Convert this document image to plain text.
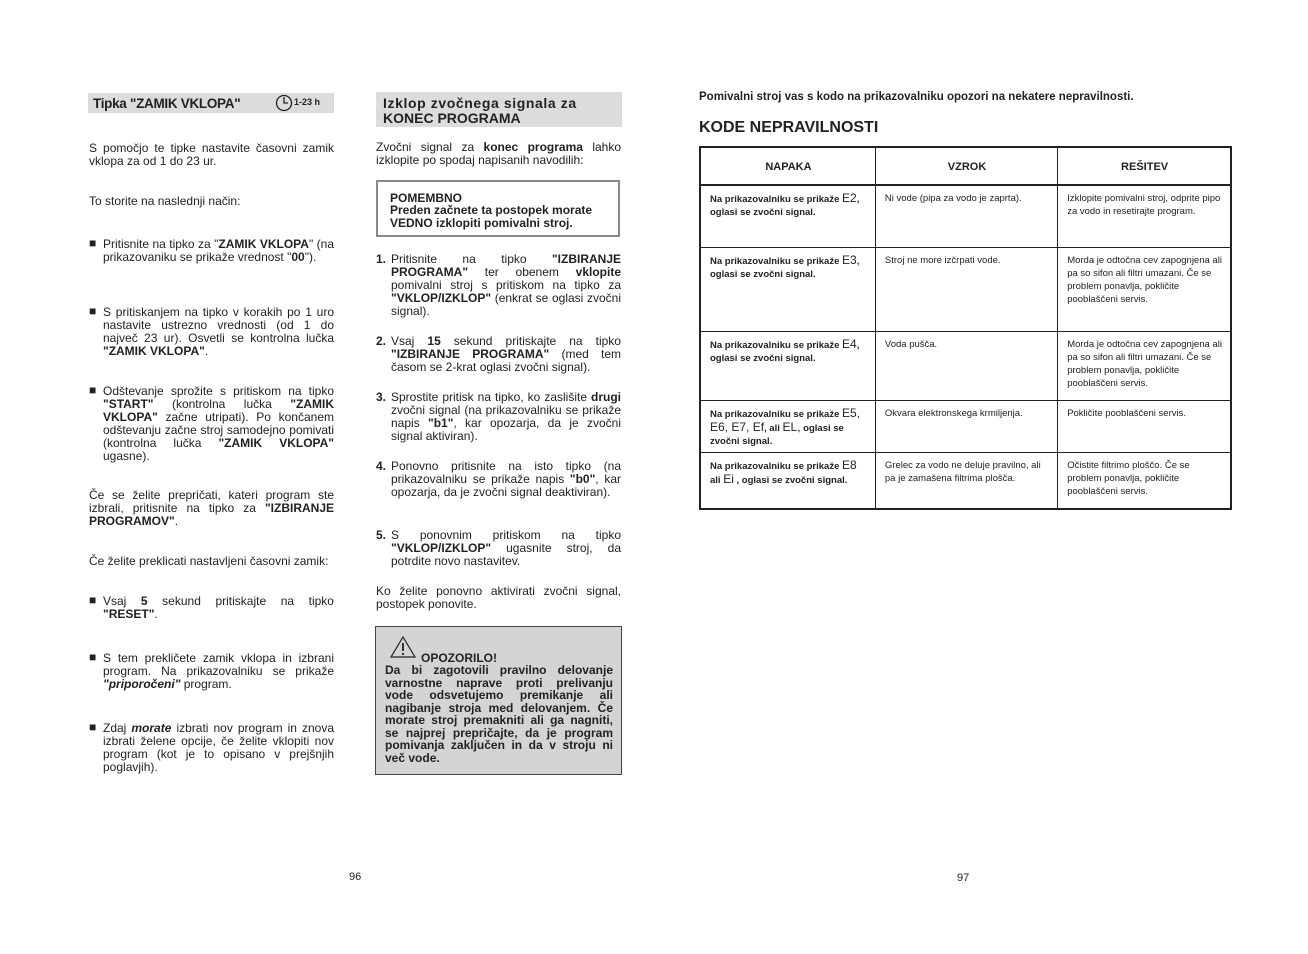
Tipka "ZAMIK VKLOPA"	1-23 h
S pomočjo te tipke nastavite časovni zamik vklopa za od 1 do 23 ur.
To storite na naslednji način:
■ Pritisnite na tipko za "ZAMIK VKLOPA" (na prikazovaniku se prikaže vrednost "00").
■ S pritiskanjem na tipko v korakih po 1 uro nastavite ustrezno vrednosti (od 1 do največ 23 ur). Osvetli se kontrolna lučka "ZAMIK VKLOPA".
■ Odštevanje sprožite s pritiskom na tipko "START" (kontrolna lučka "ZAMIK VKLOPA" začne utripati). Po končanem odštevanju začne stroj samodejno pomivati (kontrolna lučka "ZAMIK VKLOPA" ugasne).
Če se želite prepričati, kateri program ste izbrali, pritisnite na tipko za "IZBIRANJE PROGRAMOV".
Če želite preklicati nastavljeni časovni zamik:
■ Vsaj 5 sekund pritiskajte na tipko "RESET".
■ S tem prekličete zamik vklopa in izbrani program. Na prikazovalniku se prikaže "priporočeni" program.
■ Zdaj morate izbrati nov program in znova izbrati želene opcije, če želite vklopiti nov program (kot je to opisano v prejšnjih poglavjih).
96
Izklop zvočnega signala za
KONEC PROGRAMA
Zvočni signal za konec programa lahko izklopite po spodaj napisanih navodilih:
POMEMBNO
Preden začnete ta postopek morate VEDNO izklopiti pomivalni stroj.
1. Pritisnite na tipko "IZBIRANJE PROGRAMA" ter obenem vklopite pomivalni stroj s pritiskom na tipko za "VKLOP/IZKLOP" (enkrat se oglasi zvočni signal).
2. Vsaj 15 sekund pritiskajte na tipko "IZBIRANJE PROGRAMA" (med tem časom se 2-krat oglasi zvočni signal).
3. Sprostite pritisk na tipko, ko zaslišite drugi zvočni signal (na prikazovalniku se prikaže napis "b1", kar opozarja, da je zvočni signal aktiviran).
4. Ponovno pritisnite na isto tipko (na prikazovalniku se prikaže napis "b0", kar opozarja, da je zvočni signal deaktiviran).
5. S ponovnim pritiskom na tipko "VKLOP/IZKLOP" ugasnite stroj, da potrdite novo nastavitev.
Ko želite ponovno aktivirati zvočni signal, postopek ponovite.
OPOZORILO!
Da bi zagotovili pravilno delovanje varnostne naprave proti prelivanju vode odsvetujemo premikanje ali nagibanje stroja med delovanjem. Če morate stroj premakniti ali ga nagniti, se najprej prepričajte, da je program pomivanja zaključen in da v stroju ni več vode.
Pomivalni stroj vas s kodo na prikazovalniku opozori na nekatere nepravilnosti.
KODE NEPRAVILNOSTI
NAPAKA	VZROK	REŠITEV
Na prikazovalniku se prikaže E2, oglasi se zvočni signal.	Ni vode (pipa za vodo je zaprta).	Izklopite pomivalni stroj, odprite pipo za vodo in resetirajte program.
Na prikazovalniku se prikaže E3, oglasi se zvočni signal.	Stroj ne more izčrpati vode.	Morda je odtočna cev zapognjena ali pa so sifon ali filtri umazani. Če se problem ponavlja, pokličite pooblaščeni servis.
Na prikazovalniku se prikaže E4, oglasi se zvočni signal.	Voda pušča.	Morda je odtočna cev zapognjena ali pa so sifon ali filtri umazani. Če se problem ponavlja, pokličite pooblaščeni servis.
Na prikazovalniku se prikaže E5, E6, E7, Ef, ali EL, oglasi se zvočni signal.	Okvara elektronskega krmiljenja.	Pokličite pooblaščeni servis.
Na prikazovalniku se prikaže E8 ali Ei , oglasi se zvočni signal.	Grelec za vodo ne deluje pravilno, ali pa je zamašena filtrima plošča.	Očistite filtrimo ploščo. Če se problem ponavlja, pokličite pooblaščeni servis.
97
